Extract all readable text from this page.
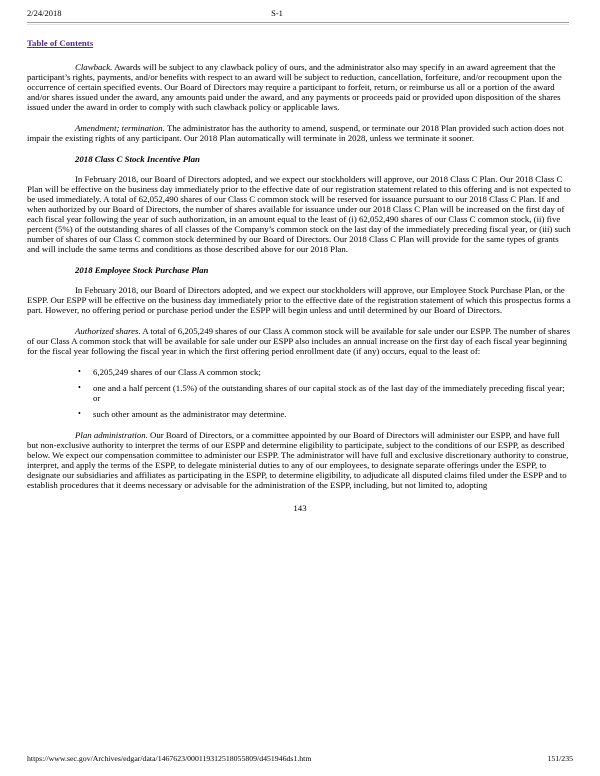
2/24/2018	S-1
Table of Contents

Clawback. Awards will be subject to any clawback policy of ours, and the administrator also may specify in an award agreement that the participant’s rights, payments, and/or benefits with respect to an award will be subject to reduction, cancellation, forfeiture, and/or recoupment upon the occurrence of certain specified events. Our Board of Directors may require a participant to forfeit, return, or reimburse us all or a portion of the award and/or shares issued under the award, any amounts paid under the award, and any payments or proceeds paid or provided upon disposition of the shares issued under the award in order to comply with such clawback policy or applicable laws.

Amendment; termination. The administrator has the authority to amend, suspend, or terminate our 2018 Plan provided such action does not impair the existing rights of any participant. Our 2018 Plan automatically will terminate in 2028, unless we terminate it sooner.

2018 Class C Stock Incentive Plan

In February 2018, our Board of Directors adopted, and we expect our stockholders will approve, our 2018 Class C Plan. Our 2018 Class C Plan will be effective on the business day immediately prior to the effective date of our registration statement related to this offering and is not expected to be used immediately. A total of 62,052,490 shares of our Class C common stock will be reserved for issuance pursuant to our 2018 Class C Plan. If and when authorized by our Board of Directors, the number of shares available for issuance under our 2018 Class C Plan will be increased on the first day of each fiscal year following the year of such authorization, in an amount equal to the least of (i) 62,052,490 shares of our Class C common stock, (ii) five percent (5%) of the outstanding shares of all classes of the Company’s common stock on the last day of the immediately preceding fiscal year, or (iii) such number of shares of our Class C common stock determined by our Board of Directors. Our 2018 Class C Plan will provide for the same types of grants and will include the same terms and conditions as those described above for our 2018 Plan.

2018 Employee Stock Purchase Plan

In February 2018, our Board of Directors adopted, and we expect our stockholders will approve, our Employee Stock Purchase Plan, or the ESPP. Our ESPP will be effective on the business day immediately prior to the effective date of the registration statement of which this prospectus forms a part. However, no offering period or purchase period under the ESPP will begin unless and until determined by our Board of Directors.

Authorized shares. A total of 6,205,249 shares of our Class A common stock will be available for sale under our ESPP. The number of shares of our Class A common stock that will be available for sale under our ESPP also includes an annual increase on the first day of each fiscal year beginning for the fiscal year following the fiscal year in which the first offering period enrollment date (if any) occurs, equal to the least of:

•	6,205,249 shares of our Class A common stock;
•	one and a half percent (1.5%) of the outstanding shares of our capital stock as of the last day of the immediately preceding fiscal year; or
•	such other amount as the administrator may determine.

Plan administration. Our Board of Directors, or a committee appointed by our Board of Directors will administer our ESPP, and have full but non-exclusive authority to interpret the terms of our ESPP and determine eligibility to participate, subject to the conditions of our ESPP, as described below. We expect our compensation committee to administer our ESPP. The administrator will have full and exclusive discretionary authority to construe, interpret, and apply the terms of the ESPP, to delegate ministerial duties to any of our employees, to designate separate offerings under the ESPP, to designate our subsidiaries and affiliates as participating in the ESPP, to determine eligibility, to adjudicate all disputed claims filed under the ESPP and to establish procedures that it deems necessary or advisable for the administration of the ESPP, including, but not limited to, adopting

143
https://www.sec.gov/Archives/edgar/data/1467623/000119312518055809/d451946ds1.htm	151/235
